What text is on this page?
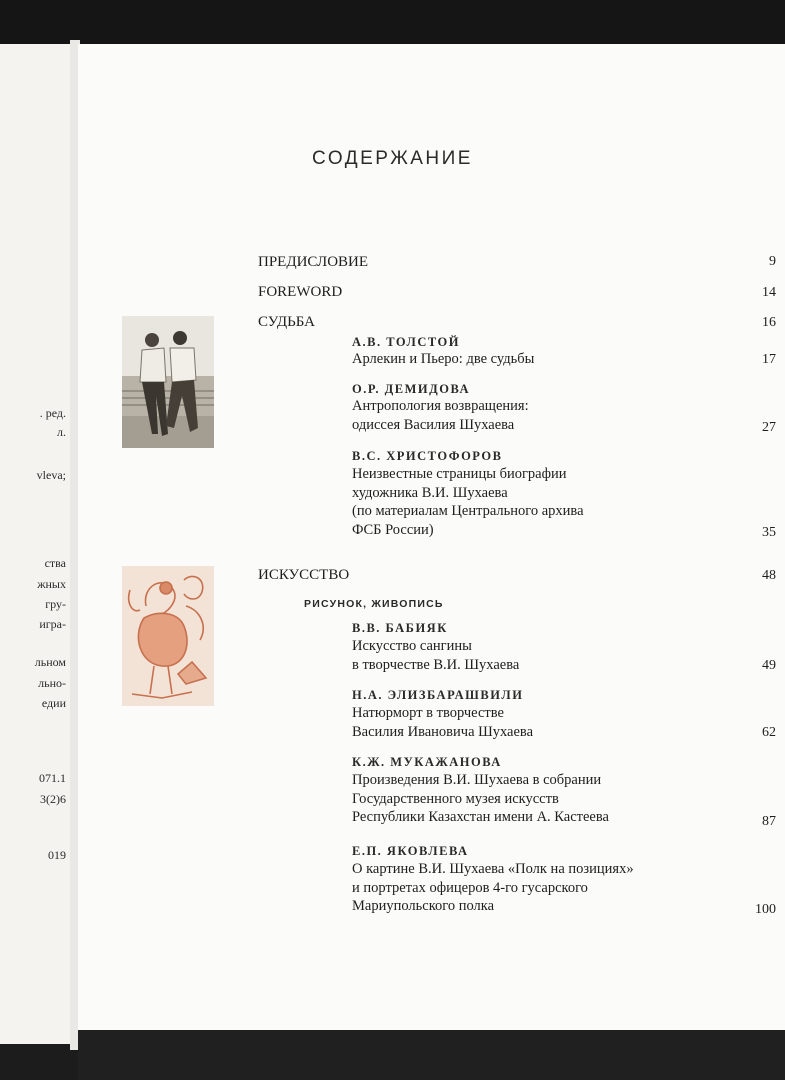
. ред.
л.
vleva;
ства
жных
гру-
игра-
льном
льно-
едии
071.1
3(2)6
019
СОДЕРЖАНИЕ
ПРЕДИСЛОВИЕ	9
FOREWORD	14
СУДЬБА	16
А.В. ТОЛСТОЙ
Арлекин и Пьеро: две судьбы	17
О.Р. ДЕМИДОВА
Антропология возвращения:
одиссея Василия Шухаева	27
В.С. ХРИСТОФОРОВ
Неизвестные страницы биографии
художника В.И. Шухаева
(по материалам Центрального архива
ФСБ России)	35
ИСКУССТВО	48
РИСУНОК, ЖИВОПИСЬ
В.В. БАБИЯК
Искусство сангины
в творчестве В.И. Шухаева	49
Н.А. ЭЛИЗБАРАШВИЛИ
Натюрморт в творчестве
Василия Ивановича Шухаева	62
К.Ж. МУКАЖАНОВА
Произведения В.И. Шухаева в собрании
Государственного музея искусств
Республики Казахстан имени А. Кастеева	87
Е.П. ЯКОВЛЕВА
О картине В.И. Шухаева «Полк на позициях»
и портретах офицеров 4-го гусарского
Мариупольского полка	100
